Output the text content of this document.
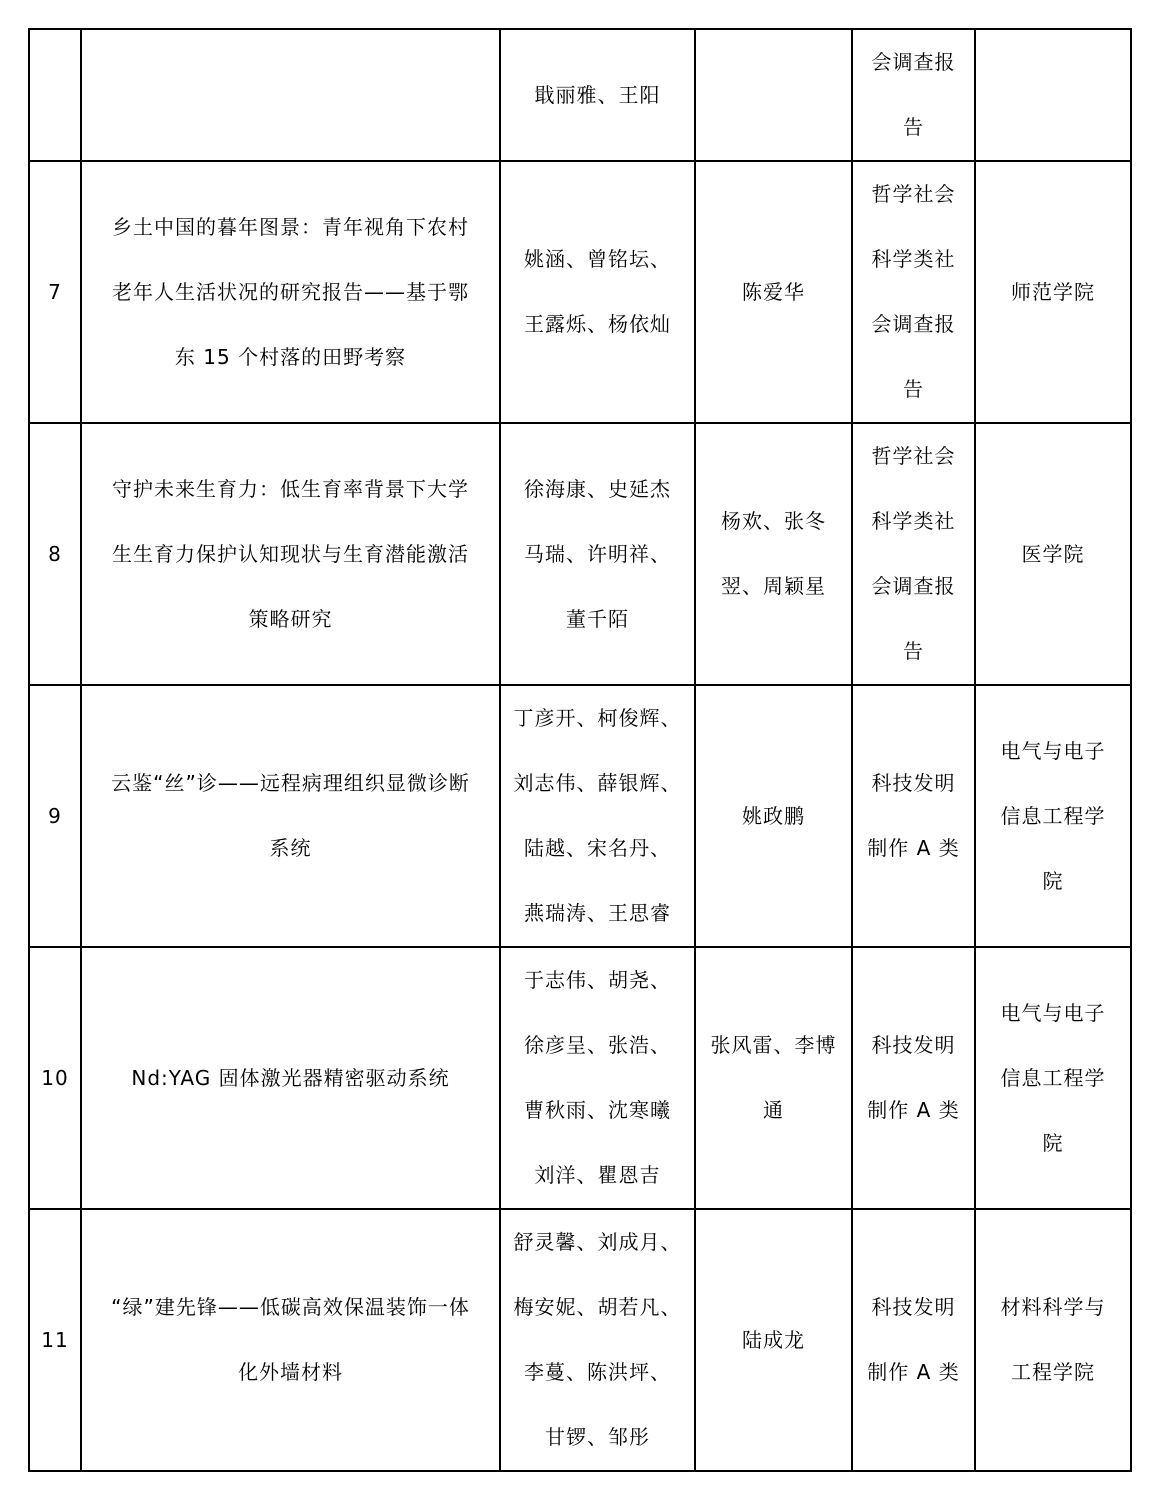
		戢丽雅、王阳		会调查报
告	

7	乡土中国的暮年图景：青年视角下农村
老年人生活状况的研究报告——基于鄂
东 15 个村落的田野考察	姚涵、曾铭坛、
王露烁、杨依灿	陈爱华	哲学社会
科学类社
会调查报
告	师范学院

8	守护未来生育力：低生育率背景下大学
生生育力保护认知现状与生育潜能激活
策略研究	徐海康、史延杰
马瑞、许明祥、
董千陌	杨欢、张冬
翌、周颖星	哲学社会
科学类社
会调查报
告	医学院

9	云鉴“丝”诊——远程病理组织显微诊断
系统	丁彦开、柯俊辉、
刘志伟、薛银辉、
陆越、宋名丹、
燕瑞涛、王思睿	姚政鹏	科技发明
制作 A 类	电气与电子
信息工程学
院

10	Nd:YAG 固体激光器精密驱动系统	于志伟、胡尧、
徐彦呈、张浩、
曹秋雨、沈寒曦
刘洋、瞿恩吉	张风雷、李博
通	科技发明
制作 A 类	电气与电子
信息工程学
院

11	“绿”建先锋——低碳高效保温装饰一体
化外墙材料	舒灵馨、刘成月、
梅安妮、胡若凡、
李蔓、陈洪坪、
甘锣、邹彤	陆成龙	科技发明
制作 A 类	材料科学与
工程学院
